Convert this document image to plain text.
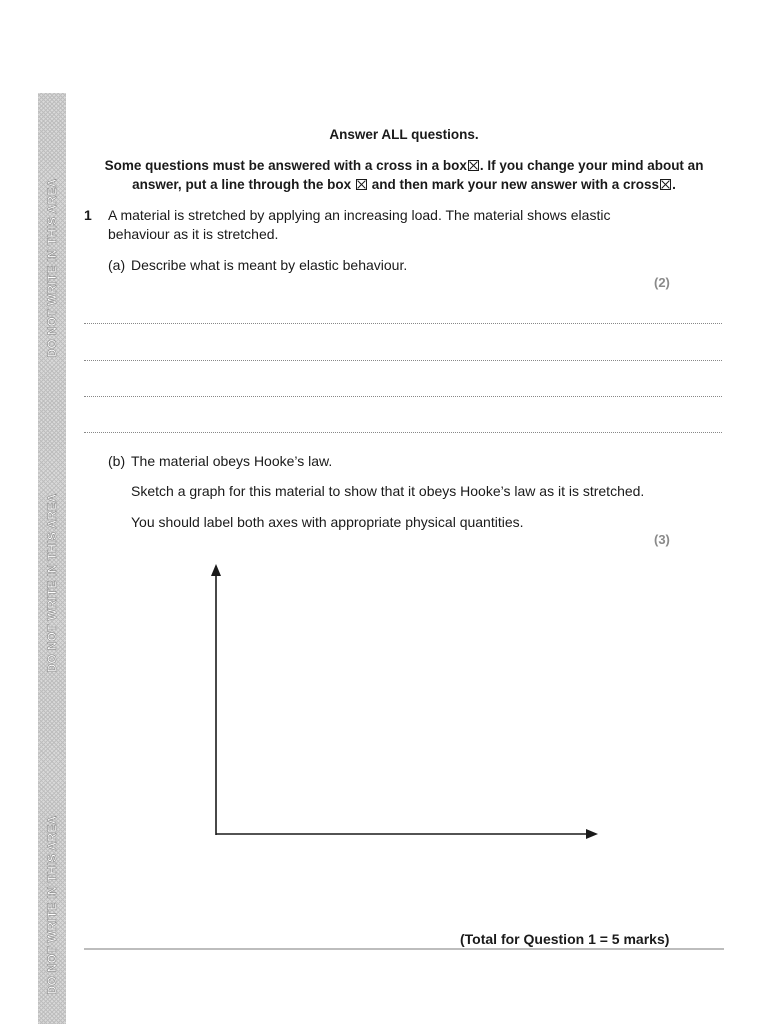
DO NOT WRITE IN THIS AREA
DO NOT WRITE IN THIS AREA
DO NOT WRITE IN THIS AREA
Answer ALL questions.
Some questions must be answered with a cross in a box☒. If you change your mind about an
answer, put a line through the box ☒ and then mark your new answer with a cross☒.
1 A material is stretched by applying an increasing load. The material shows elastic
behaviour as it is stretched.
(a) Describe what is meant by elastic behaviour.
(2)
(b) The material obeys Hooke’s law.
Sketch a graph for this material to show that it obeys Hooke’s law as it is stretched.
You should label both axes with appropriate physical quantities.
(3)
(Total for Question 1 = 5 marks)
